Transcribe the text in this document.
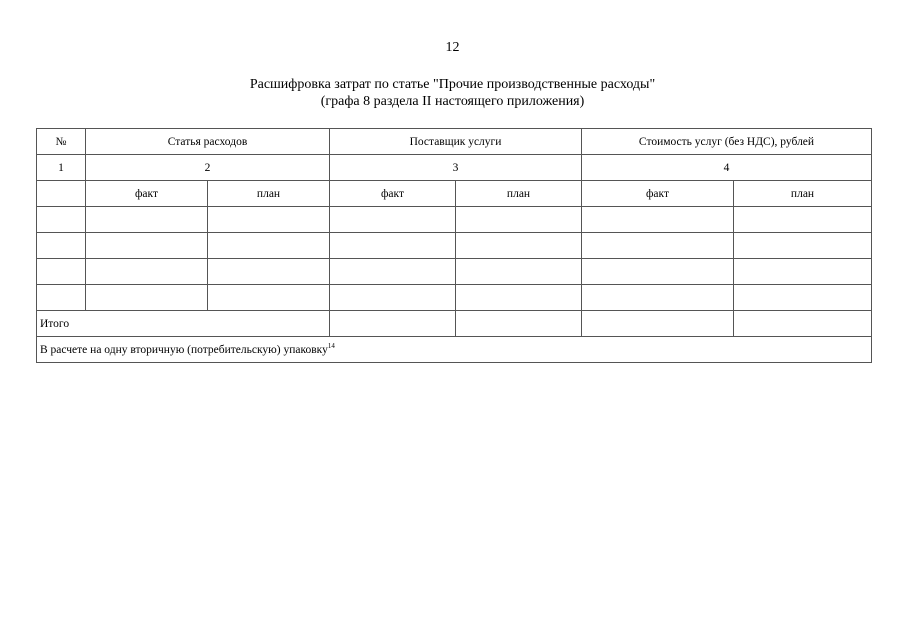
12
Расшифровка затрат по статье "Прочие производственные расходы"
(графа 8 раздела II настоящего приложения)
№	Статья расходов		Поставщик услуги		Стоимость услуг (без НДС), рублей	
1	2		3		4	
	факт	план	факт	план	факт	план

Итого						
В расчете на одну вторичную (потребительскую) упаковку$^{14}$
